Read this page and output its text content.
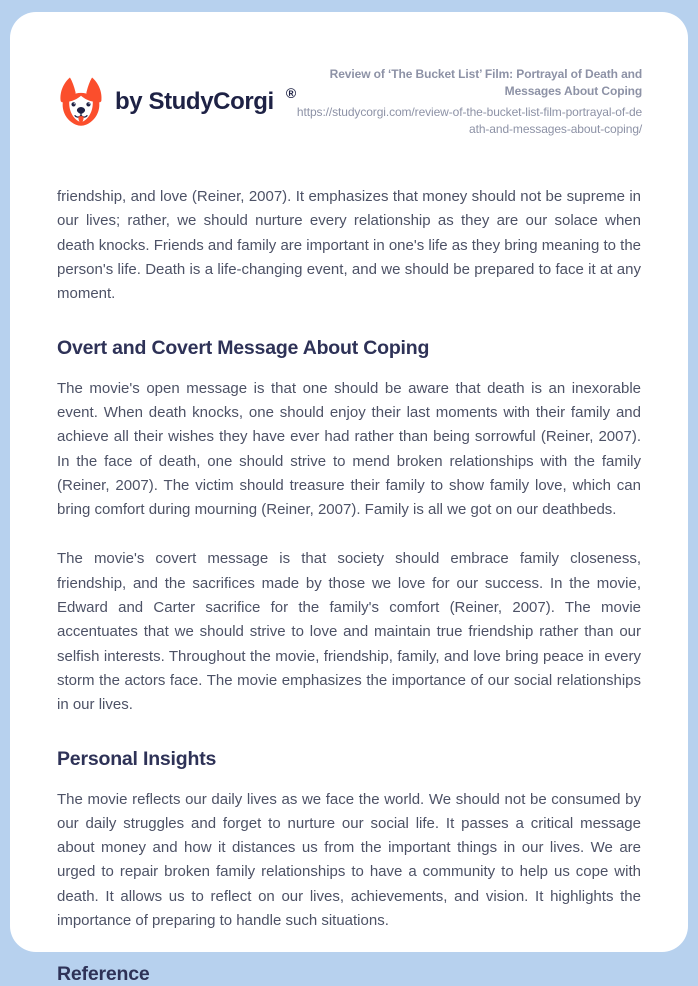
by StudyCorgi ®
Review of ‘The Bucket List’ Film: Portrayal of Death and Messages About Coping
https://studycorgi.com/review-of-the-bucket-list-film-portrayal-of-death-and-messages-about-coping/

friendship, and love (Reiner, 2007). It emphasizes that money should not be supreme in our lives; rather, we should nurture every relationship as they are our solace when death knocks. Friends and family are important in one's life as they bring meaning to the person's life. Death is a life-changing event, and we should be prepared to face it at any moment.

Overt and Covert Message About Coping

The movie's open message is that one should be aware that death is an inexorable event. When death knocks, one should enjoy their last moments with their family and achieve all their wishes they have ever had rather than being sorrowful (Reiner, 2007). In the face of death, one should strive to mend broken relationships with the family (Reiner, 2007). The victim should treasure their family to show family love, which can bring comfort during mourning (Reiner, 2007). Family is all we got on our deathbeds.

The movie's covert message is that society should embrace family closeness, friendship, and the sacrifices made by those we love for our success. In the movie, Edward and Carter sacrifice for the family's comfort (Reiner, 2007). The movie accentuates that we should strive to love and maintain true friendship rather than our selfish interests. Throughout the movie, friendship, family, and love bring peace in every storm the actors face. The movie emphasizes the importance of our social relationships in our lives.

Personal Insights

The movie reflects our daily lives as we face the world. We should not be consumed by our daily struggles and forget to nurture our social life. It passes a critical message about money and how it distances us from the important things in our lives. We are urged to repair broken family relationships to have a community to help us cope with death. It allows us to reflect on our lives, achievements, and vision. It highlights the importance of preparing to handle such situations.

Reference
